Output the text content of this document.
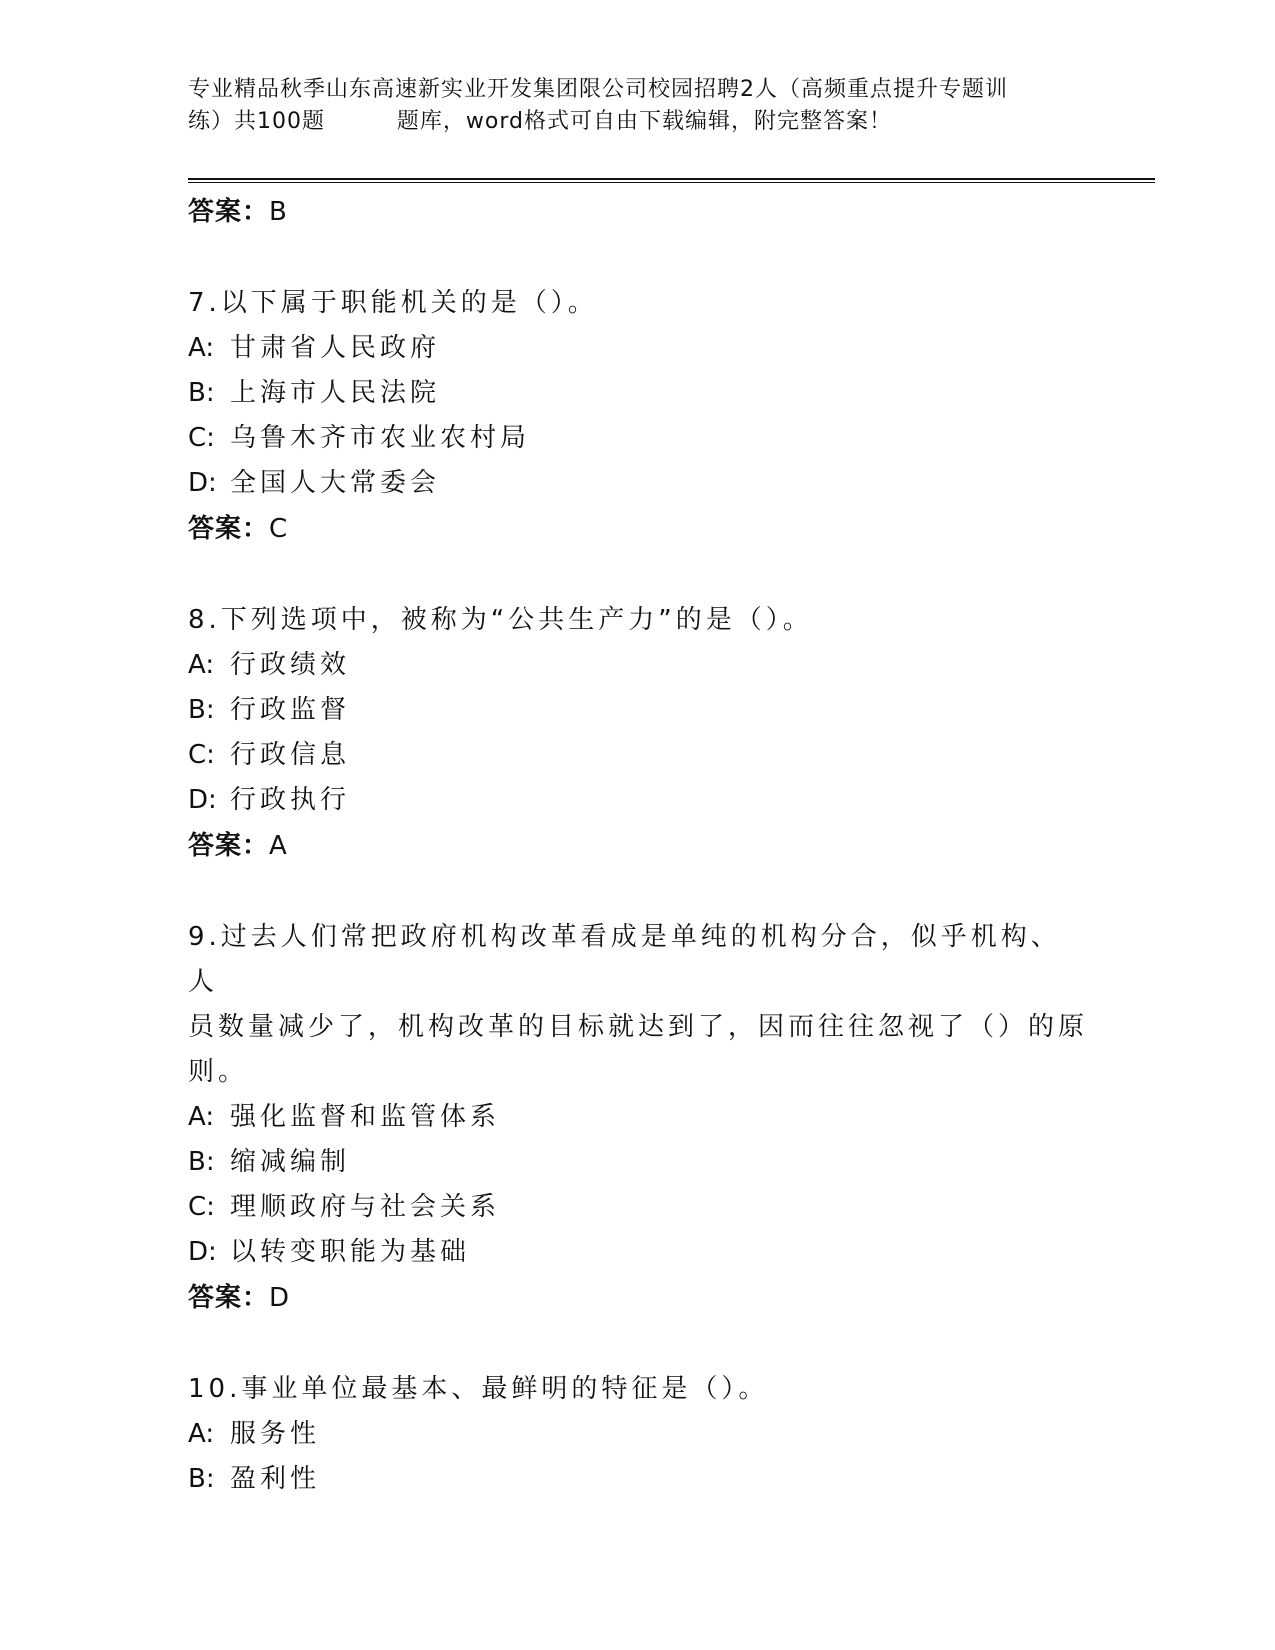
专业精品秋季山东高速新实业开发集团限公司校园招聘2人（高频重点提升专题训
练）共100题         题库，word格式可自由下载编辑，附完整答案！
答案：B
7.以下属于职能机关的是（）。
A: 甘肃省人民政府
B: 上海市人民法院
C: 乌鲁木齐市农业农村局
D: 全国人大常委会
答案：C
8.下列选项中，被称为“公共生产力”的是（）。
A: 行政绩效
B: 行政监督
C: 行政信息
D: 行政执行
答案：A
9.过去人们常把政府机构改革看成是单纯的机构分合，似乎机构、人
员数量减少了，机构改革的目标就达到了，因而往往忽视了（）的原
则。
A: 强化监督和监管体系
B: 缩减编制
C: 理顺政府与社会关系
D: 以转变职能为基础
答案：D
10.事业单位最基本、最鲜明的特征是（）。
A: 服务性
B: 盈利性
